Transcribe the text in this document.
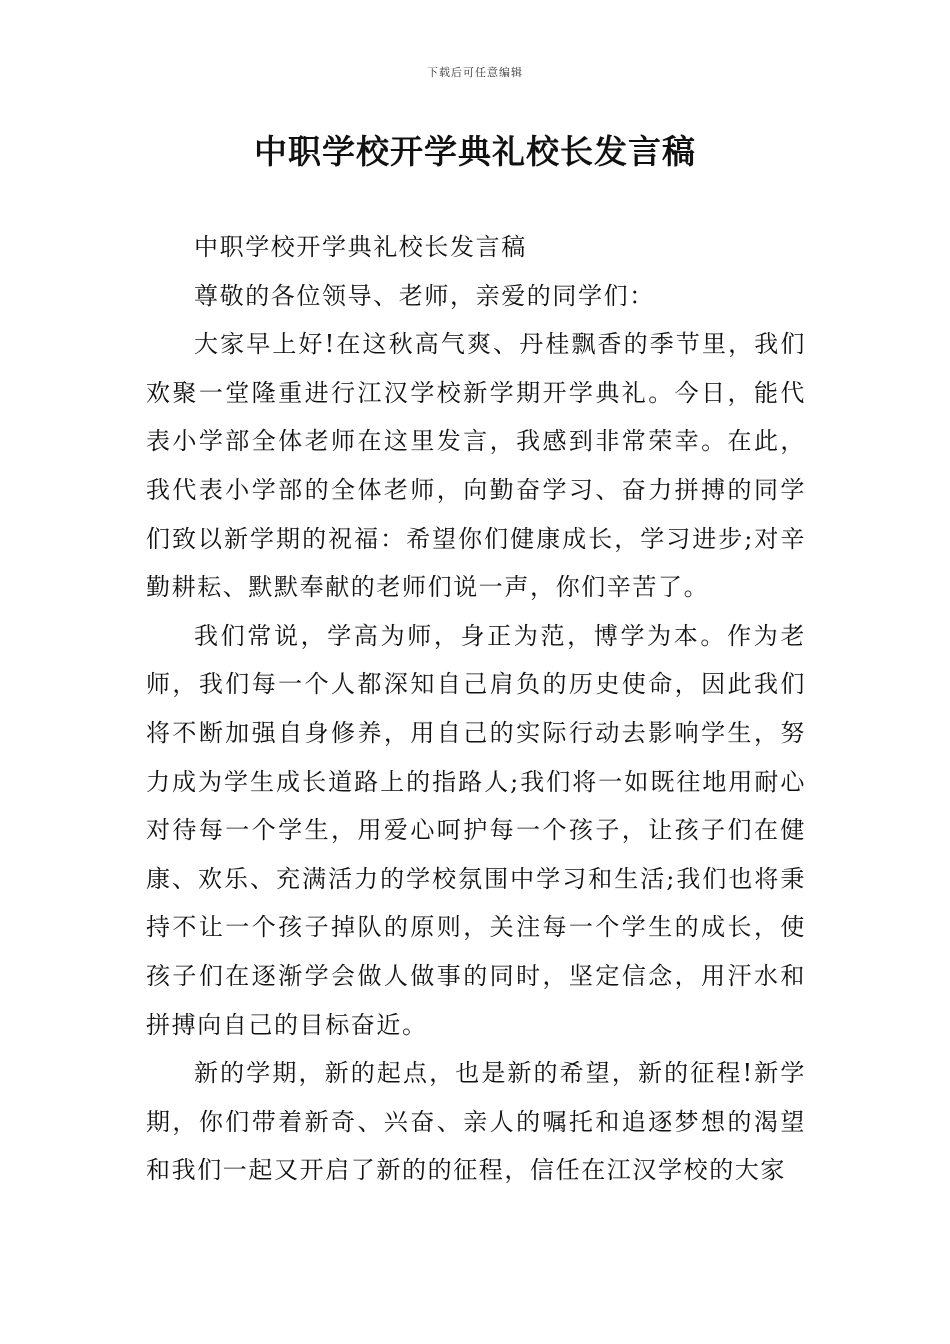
下载后可任意编辑
中职学校开学典礼校长发言稿

中职学校开学典礼校长发言稿

尊敬的各位领导、老师，亲爱的同学们：

大家早上好!在这秋高气爽、丹桂飘香的季节里，我们欢聚一堂隆重进行江汉学校新学期开学典礼。今日，能代表小学部全体老师在这里发言，我感到非常荣幸。在此，我代表小学部的全体老师，向勤奋学习、奋力拼搏的同学们致以新学期的祝福：希望你们健康成长，学习进步;对辛勤耕耘、默默奉献的老师们说一声，你们辛苦了。

我们常说，学高为师，身正为范，博学为本。作为老师，我们每一个人都深知自己肩负的历史使命，因此我们将不断加强自身修养，用自己的实际行动去影响学生，努力成为学生成长道路上的指路人;我们将一如既往地用耐心对待每一个学生，用爱心呵护每一个孩子，让孩子们在健康、欢乐、充满活力的学校氛围中学习和生活;我们也将秉持不让一个孩子掉队的原则，关注每一个学生的成长，使孩子们在逐渐学会做人做事的同时，坚定信念，用汗水和拼搏向自己的目标奋近。

新的学期，新的起点，也是新的希望，新的征程!新学期，你们带着新奇、兴奋、亲人的嘱托和追逐梦想的渴望和我们一起又开启了新的的征程，信任在江汉学校的大家
